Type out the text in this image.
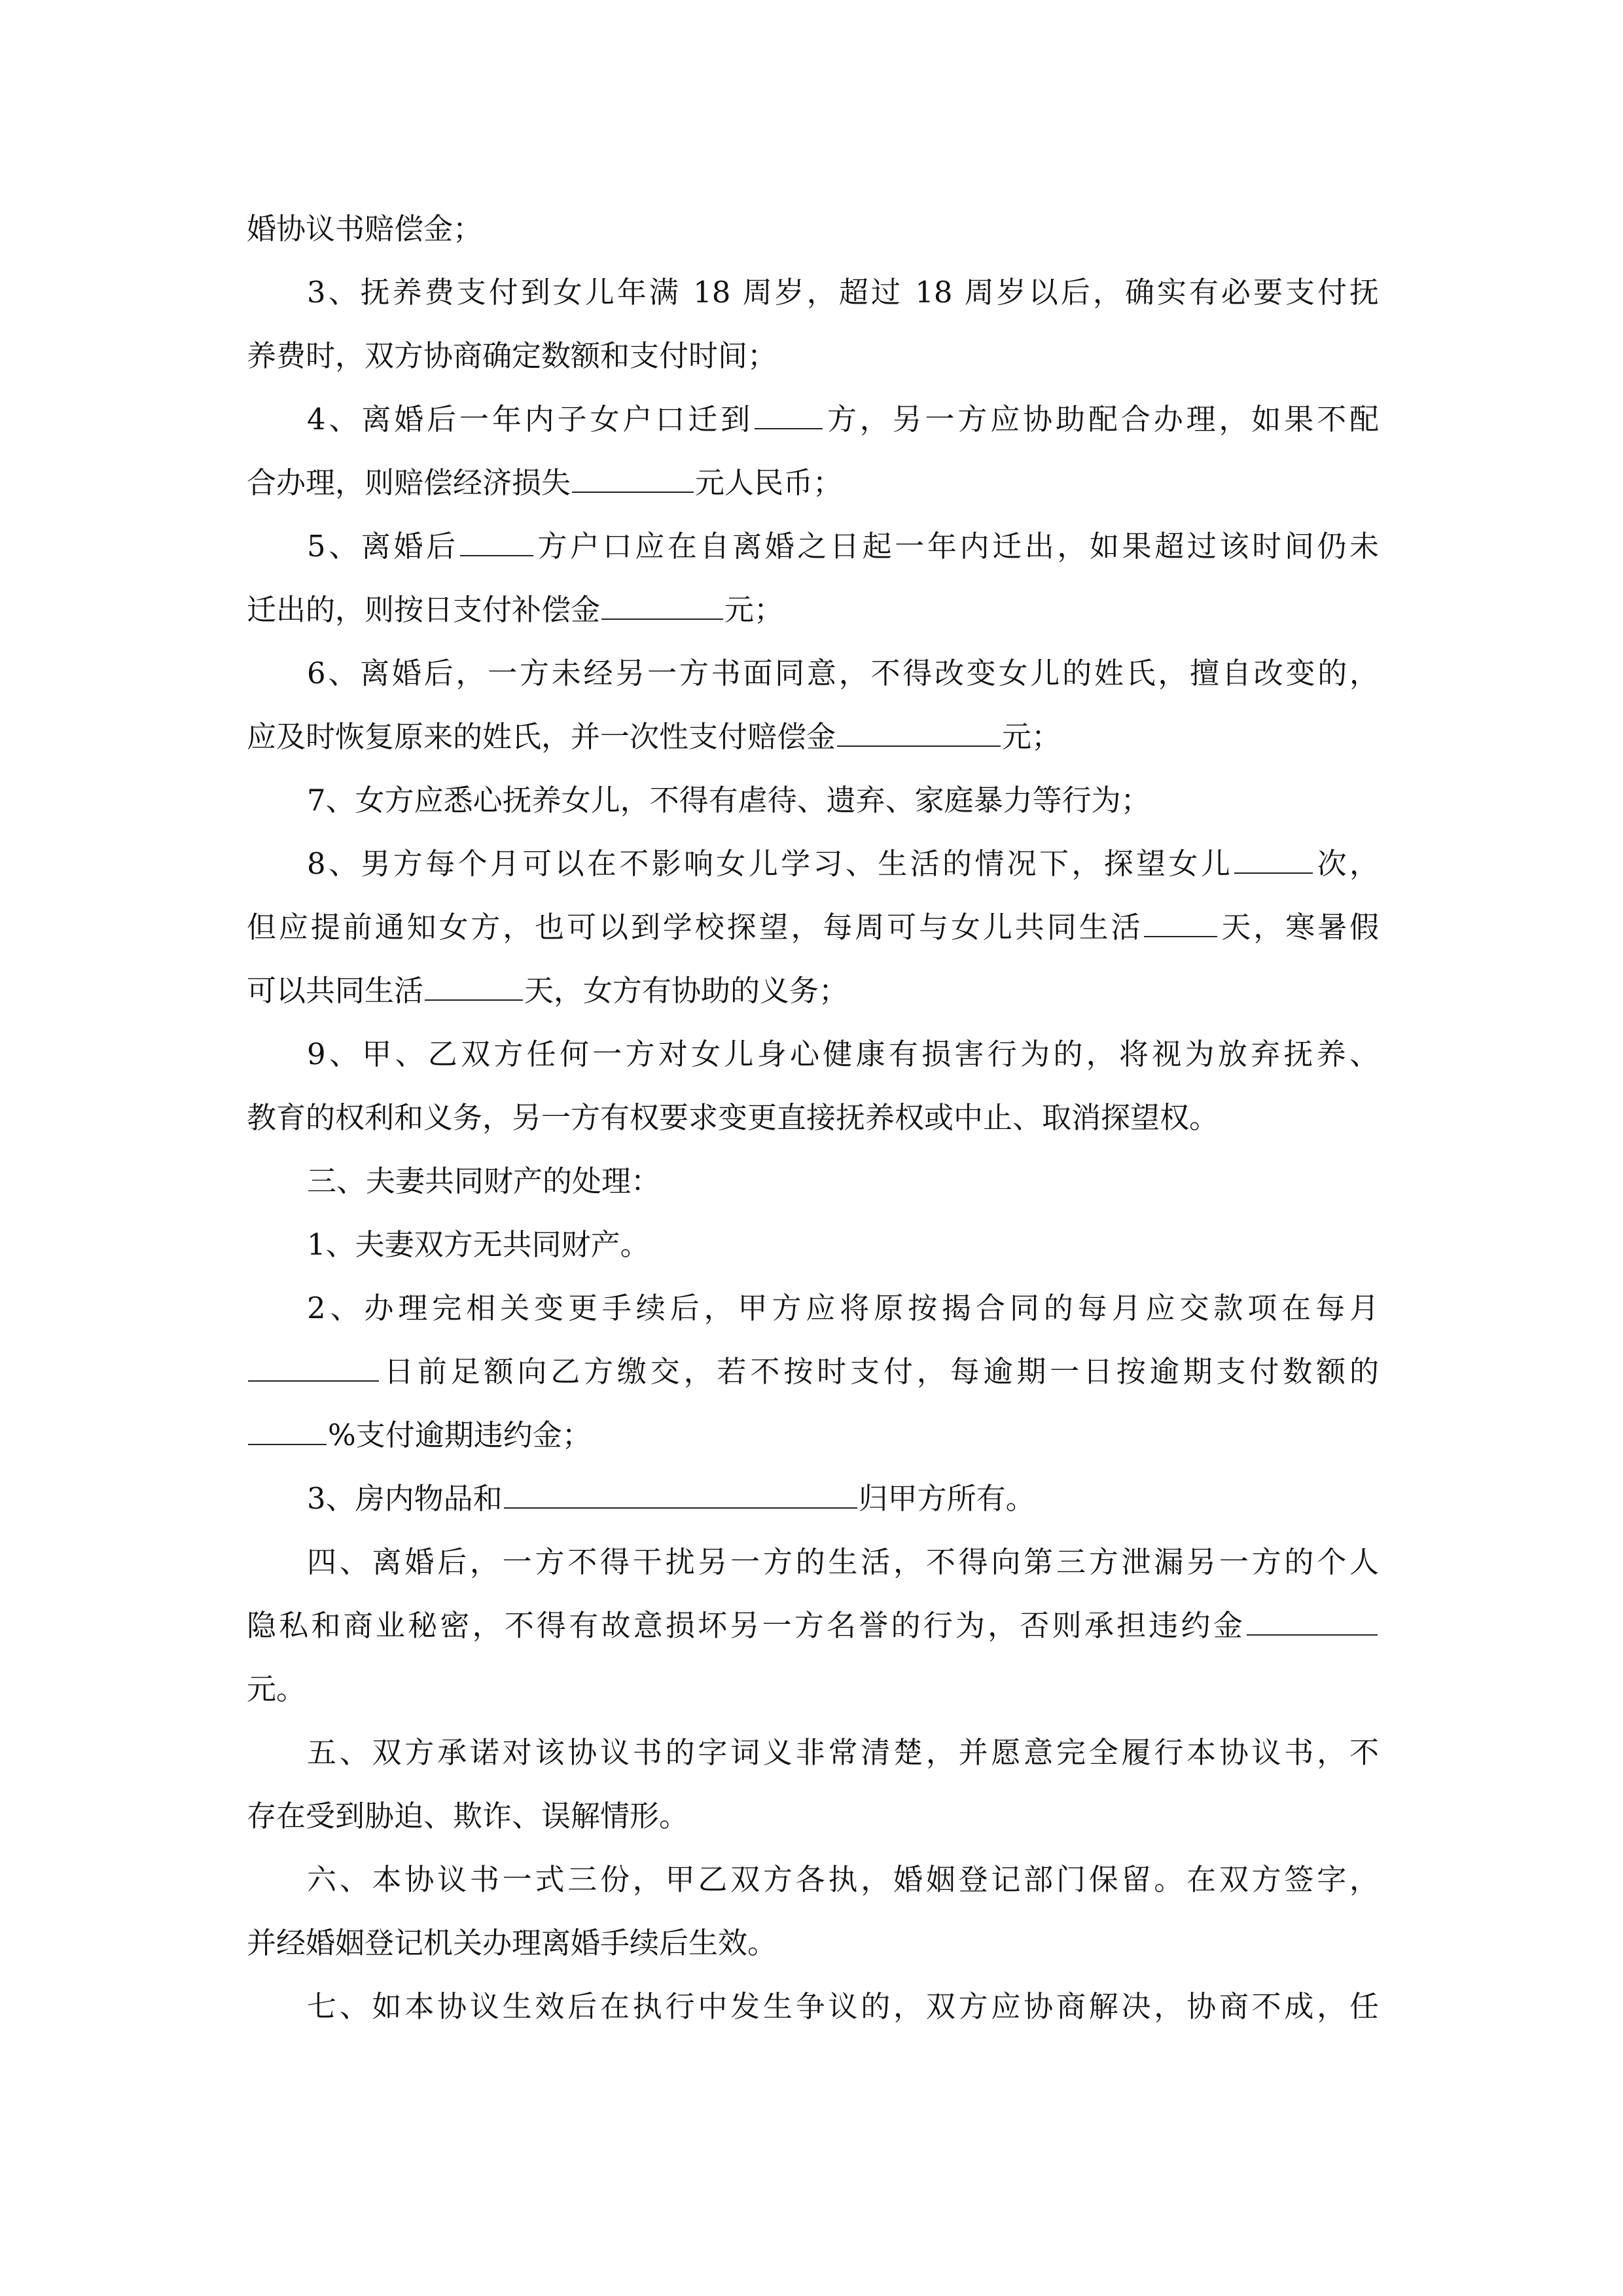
婚协议书赔偿金；

3、抚养费支付到女儿年满 18 周岁，超过 18 周岁以后，确实有必要支付抚

养费时，双方协商确定数额和支付时间；

4、离婚后一年内子女户口迁到 方，另一方应协助配合办理，如果不配

合办理，则赔偿经济损失	元人民币；

5、离婚后	方户口应在自离婚之日起一年内迁出，如果超过该时间仍未

迁出的，则按日支付补偿金	元；

6、离婚后，一方未经另一方书面同意，不得改变女儿的姓氏，擅自改变的，

应及时恢复原来的姓氏，并一次性支付赔偿金	元；

7、女方应悉心抚养女儿，不得有虐待、遗弃、家庭暴力等行为；

8、男方每个月可以在不影响女儿学习、生活的情况下，探望女儿	次，

但应提前通知女方，也可以到学校探望，每周可与女儿共同生活	天，寒暑假

可以共同生活	天，女方有协助的义务；

9、甲、乙双方任何一方对女儿身心健康有损害行为的，将视为放弃抚养、

教育的权利和义务，另一方有权要求变更直接抚养权或中止、取消探望权。

三、夫妻共同财产的处理：

1、夫妻双方无共同财产。

2、办理完相关变更手续后，甲方应将原按揭合同的每月应交款项在每月

日前足额向乙方缴交，若不按时支付，每逾期一日按逾期支付数额的

%支付逾期违约金；

3、房内物品和	归甲方所有。

四、离婚后，一方不得干扰另一方的生活，不得向第三方泄漏另一方的个人

隐私和商业秘密，不得有故意损坏另一方名誉的行为，否则承担违约金

元。

五、双方承诺对该协议书的字词义非常清楚，并愿意完全履行本协议书，不

存在受到胁迫、欺诈、误解情形。

六、本协议书一式三份，甲乙双方各执，婚姻登记部门保留。在双方签字，

并经婚姻登记机关办理离婚手续后生效。

七、如本协议生效后在执行中发生争议的，双方应协商解决，协商不成，任
